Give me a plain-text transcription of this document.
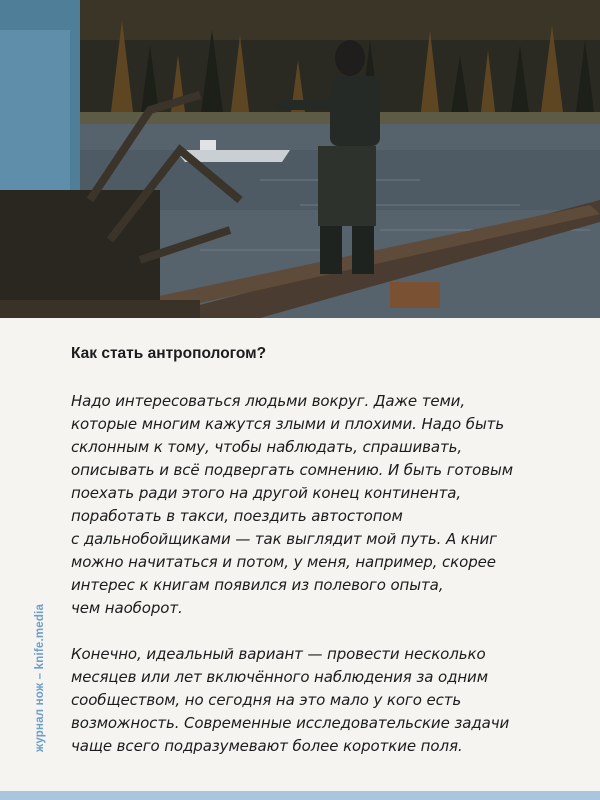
Как стать антропологом?
Надо интересоваться людьми вокруг. Даже теми,
которые многим кажутся злыми и плохими. Надо быть
склонным к тому, чтобы наблюдать, спрашивать,
описывать и всё подвергать сомнению. И быть готовым
поехать ради этого на другой конец континента,
поработать в такси, поездить автостопом
с дальнобойщиками — так выглядит мой путь. А книг
можно начитаться и потом, у меня, например, скорее
интерес к книгам появился из полевого опыта,
чем наоборот.
Конечно, идеальный вариант — провести несколько
месяцев или лет включённого наблюдения за одним
сообществом, но сегодня на это мало у кого есть
возможность. Современные исследовательские задачи
чаще всего подразумевают более короткие поля.
журнал нож – knife.media
